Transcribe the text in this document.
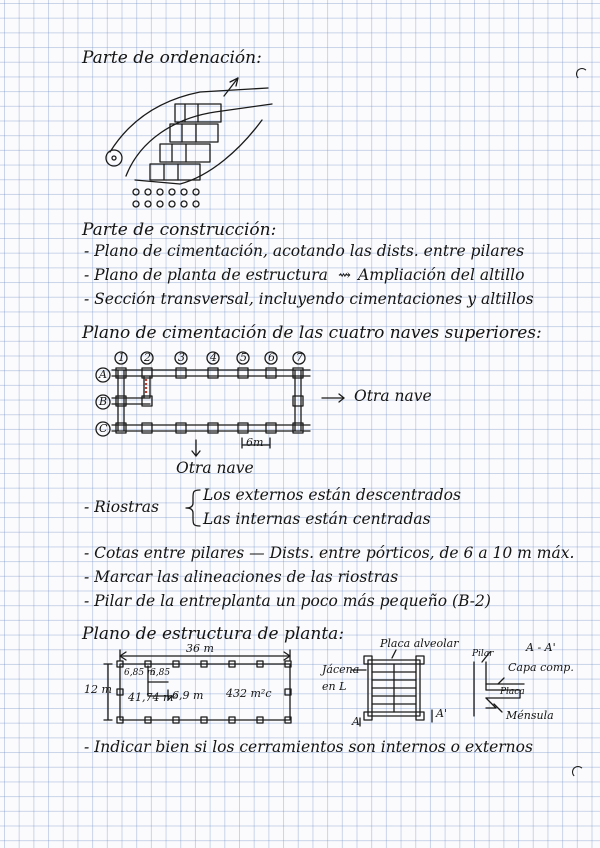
Parte de ordenación:
Parte de construcción:
- Plano de cimentación, acotando las dists. entre pilares
- Plano de planta de estructura ⇝ Ampliación del altillo
- Sección transversal, incluyendo cimentaciones y altillos
Plano de cimentación de las cuatro naves superiores:
1 2 3 4 5 6 7
A
B
C
6m
Otra nave
Otra nave
- Riostras
Los externos están descentrados
Las internas están centradas
- Cotas entre pilares — Dists. entre pórticos, de 6 a 10 m máx.
- Marcar las alineaciones de las riostras
- Pilar de la entreplanta un poco más pequeño (B-2)
Plano de estructura de planta:
36 m
12 m
6,85 m
6,85
41,74 m²
6,9 m 432 m²c
Placa alveolar
Jácena en L
A
A'
A - A'
Pilar
Capa comp.
Placa
Ménsula
- Indicar bien si los cerramientos son internos o externos
